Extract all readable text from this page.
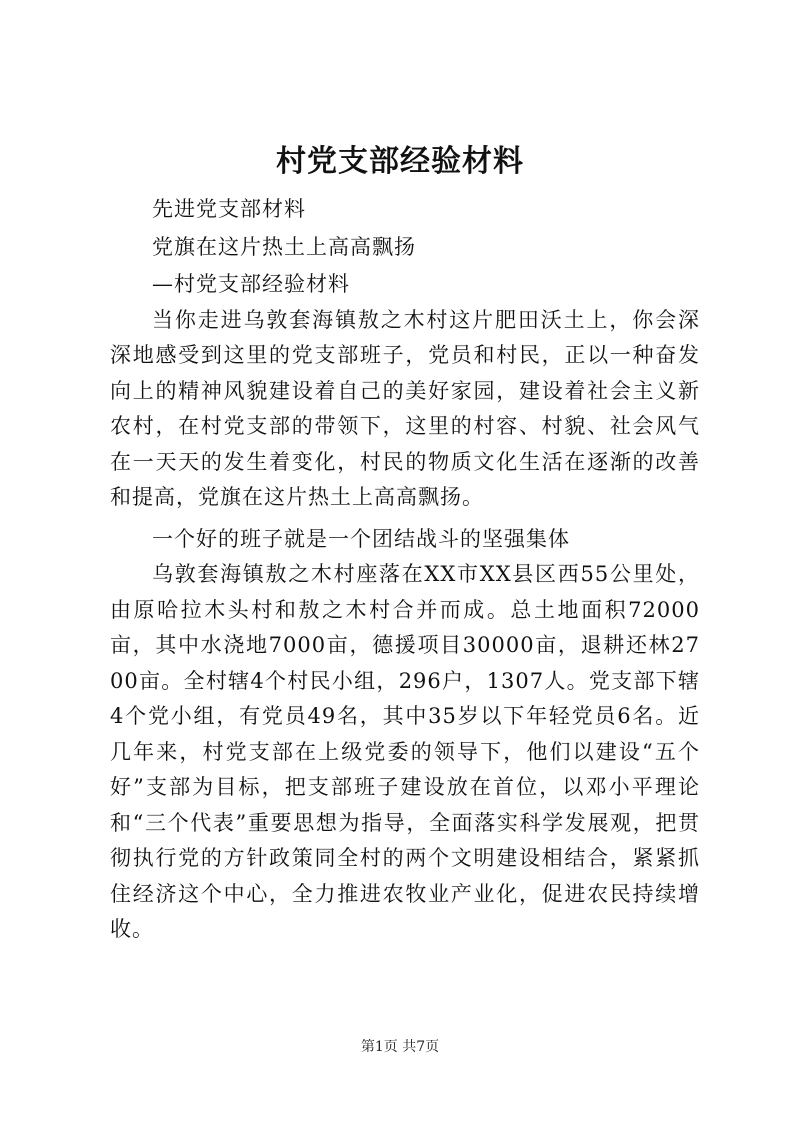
村党支部经验材料

先进党支部材料

党旗在这片热土上高高飘扬

—村党支部经验材料

当你走进乌敦套海镇敖之木村这片肥田沃土上，你会深深地感受到这里的党支部班子，党员和村民，正以一种奋发向上的精神风貌建设着自己的美好家园，建设着社会主义新农村，在村党支部的带领下，这里的村容、村貌、社会风气在一天天的发生着变化，村民的物质文化生活在逐渐的改善和提高，党旗在这片热土上高高飘扬。

一个好的班子就是一个团结战斗的坚强集体

乌敦套海镇敖之木村座落在XX市XX县区西55公里处，由原哈拉木头村和敖之木村合并而成。总土地面积72000亩，其中水浇地7000亩，德援项目30000亩，退耕还林2700亩。全村辖4个村民小组，296户，1307人。党支部下辖4个党小组，有党员49名，其中35岁以下年轻党员6名。近几年来，村党支部在上级党委的领导下，他们以建设“五个好”支部为目标，把支部班子建设放在首位，以邓小平理论和“三个代表”重要思想为指导，全面落实科学发展观，把贯彻执行党的方针政策同全村的两个文明建设相结合，紧紧抓住经济这个中心，全力推进农牧业产业化，促进农民持续增收。

第1页 共7页
